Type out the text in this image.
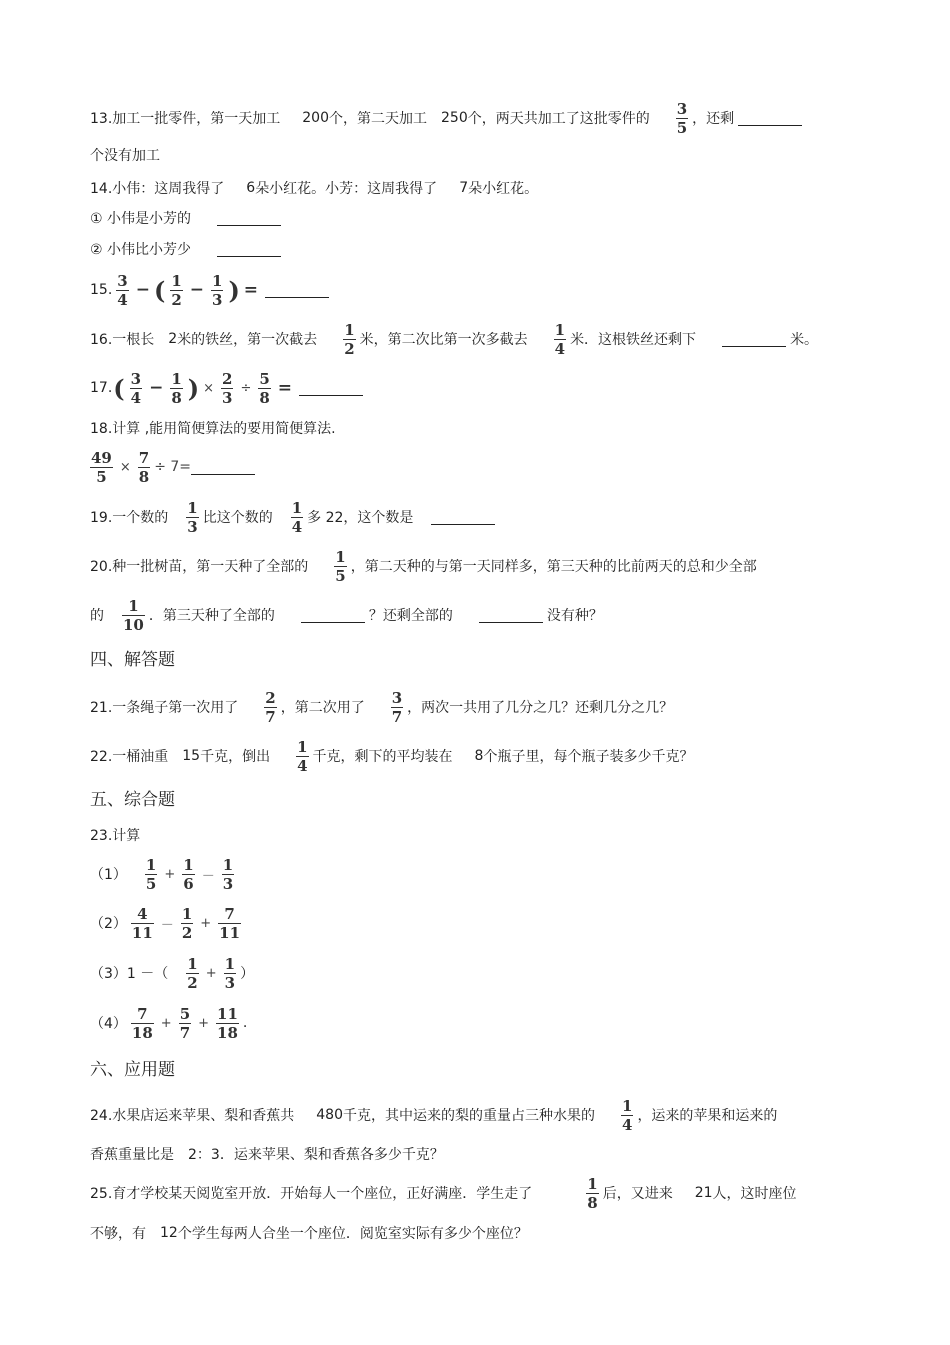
13.加工一批零件，第一天加工 200 个，第二天加工 250 个，两天共加工了这批零件的 $\frac{3}{5}$ ，还剩
个没有加工
14.小伟：这周我得了 6 朵小红花。小芳：这周我得了 7 朵小红花。
① 小伟是小芳的
② 小伟比小芳少
15. $\frac{3}{4}$ − ( $\frac{1}{2} - \frac{1}{3}$ ) =
16.一根长 2 米的铁丝，第一次截去 $\frac{1}{2}$ 米，第二次比第一次多截去 $\frac{1}{4}$ 米．这根铁丝还剩下	米。
17. ( $\frac{3}{4} - \frac{1}{8}$ ) × $\frac{2}{3} \div \frac{5}{8}$ =
18.计算 ,能用简便算法的要用简便算法.
$\frac{49}{5} \times \frac{7}{8} \div 7=$
19.一个数的 $\frac{1}{3}$ 比这个数的 $\frac{1}{4}$ 多 22，这个数是
20.种一批树苗，第一天种了全部的 $\frac{1}{5}$ ，第二天种的与第一天同样多，第三天种的比前两天的总和少全部
的 $\frac{1}{10}$ ．第三天种了全部的	？还剩全部的	没有种？
四、解答题
21.一条绳子第一次用了 $\frac{2}{7}$ ，第二次用了 $\frac{3}{7}$ ，两次一共用了几分之几？还剩几分之几？
22.一桶油重 15 千克，倒出 $\frac{1}{4}$ 千克，剩下的平均装在 8 个瓶子里，每个瓶子装多少千克？
五、综合题
23.计算
$(1) \frac{1}{5} + \frac{1}{6} - \frac{1}{3}$
$(2) \frac{4}{11} - \frac{1}{2} + \frac{7}{11}$
（3） 1 －（ $\frac{1}{2} + \frac{1}{3}$ ）
$(4) \frac{7}{18} + \frac{5}{7} + \frac{11}{18}$ .
六、应用题
24.水果店运来苹果、梨和香蕉共 480 千克，其中运来的梨的重量占三种水果的 $\frac{1}{4}$ ，运来的苹果和运来的
香蕉重量比是 2：3．运来苹果、梨和香蕉各多少千克？
25.育才学校某天阅览室开放．开始每人一个座位，正好满座．学生走了	$\frac{1}{8}$ 后，又进来 21 人，这时座位
不够，有 12 个学生每两人合坐一个座位．阅览室实际有多少个座位？
